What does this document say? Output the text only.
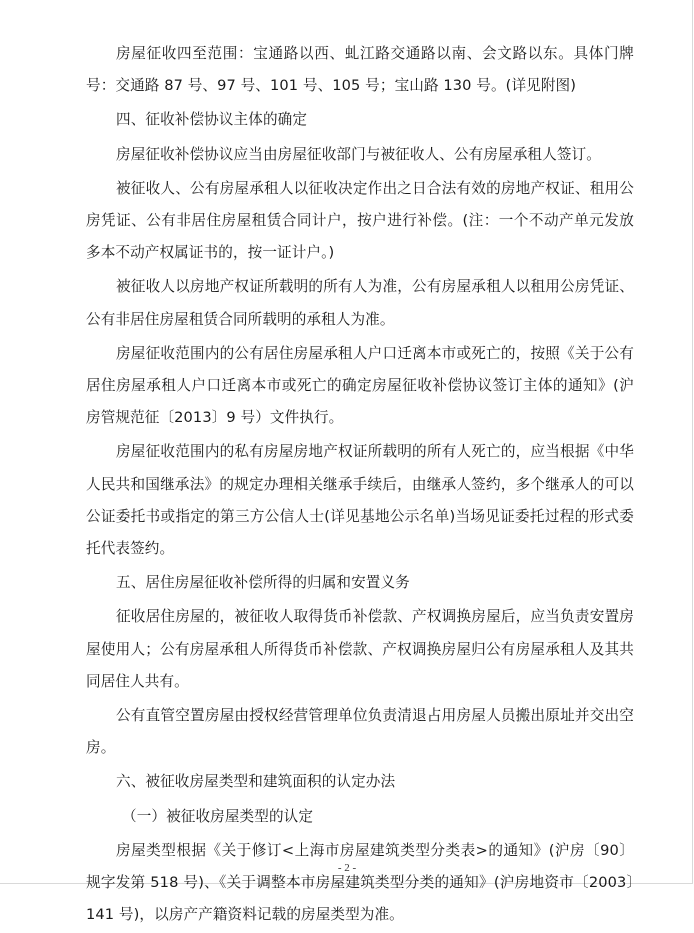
房屋征收四至范围：宝通路以西、虬江路交通路以南、会文路以东。具体门牌号：交通路 87 号、97 号、101 号、105 号；宝山路 130 号。(详见附图)

四、征收补偿协议主体的确定

房屋征收补偿协议应当由房屋征收部门与被征收人、公有房屋承租人签订。

被征收人、公有房屋承租人以征收决定作出之日合法有效的房地产权证、租用公房凭证、公有非居住房屋租赁合同计户，按户进行补偿。(注：一个不动产单元发放多本不动产权属证书的，按一证计户。)

被征收人以房地产权证所载明的所有人为准，公有房屋承租人以租用公房凭证、公有非居住房屋租赁合同所载明的承租人为准。

房屋征收范围内的公有居住房屋承租人户口迁离本市或死亡的，按照《关于公有居住房屋承租人户口迁离本市或死亡的确定房屋征收补偿协议签订主体的通知》(沪房管规范征〔2013〕9 号）文件执行。

房屋征收范围内的私有房屋房地产权证所载明的所有人死亡的，应当根据《中华人民共和国继承法》的规定办理相关继承手续后，由继承人签约，多个继承人的可以公证委托书或指定的第三方公信人士(详见基地公示名单)当场见证委托过程的形式委托代表签约。

五、居住房屋征收补偿所得的归属和安置义务

征收居住房屋的，被征收人取得货币补偿款、产权调换房屋后，应当负责安置房屋使用人；公有房屋承租人所得货币补偿款、产权调换房屋归公有房屋承租人及其共同居住人共有。

公有直管空置房屋由授权经营管理单位负责清退占用房屋人员搬出原址并交出空房。

六、被征收房屋类型和建筑面积的认定办法

（一）被征收房屋类型的认定

房屋类型根据《关于修订<上海市房屋建筑类型分类表>的通知》(沪房〔90〕规字发第 518 号)、《关于调整本市房屋建筑类型分类的通知》(沪房地资市〔2003〕141 号)，以房产产籍资料记载的房屋类型为准。

- 2 -
